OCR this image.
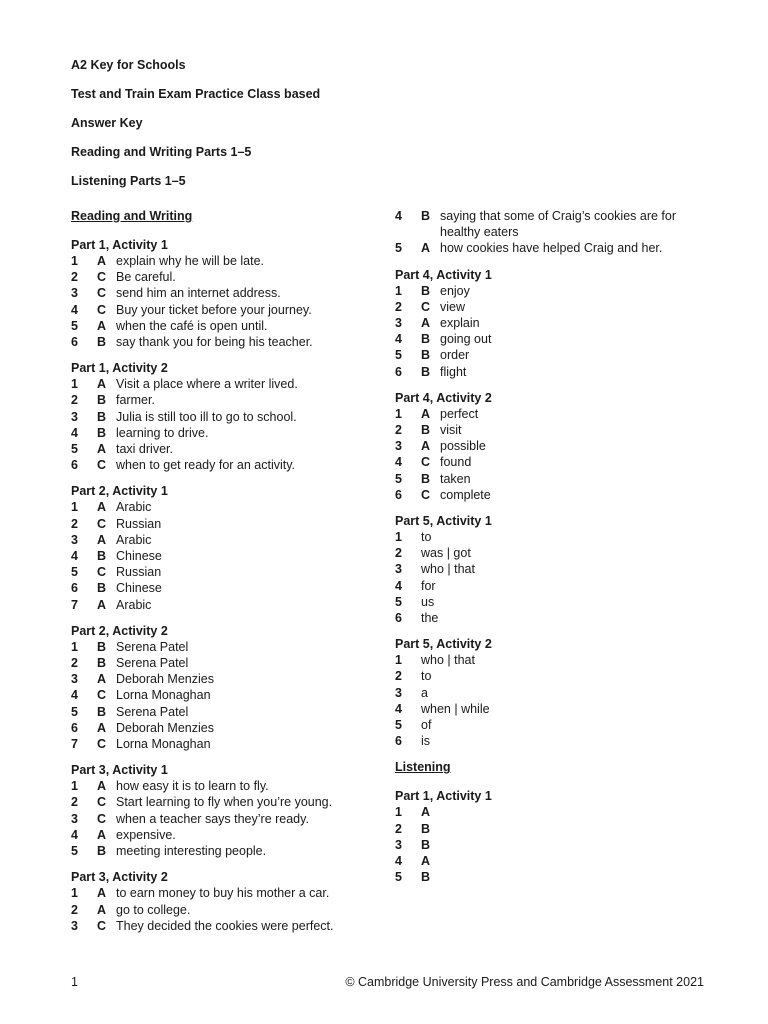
A2 Key for Schools
Test and Train Exam Practice Class based
Answer Key
Reading and Writing Parts 1–5
Listening Parts 1–5
Reading and Writing
Part 1, Activity 1
1	A explain why he will be late.
2	C Be careful.
3	C send him an internet address.
4	C Buy your ticket before your journey.
5	A when the café is open until.
6	B say thank you for being his teacher.
Part 1, Activity 2
1	A Visit a place where a writer lived.
2	B farmer.
3	B Julia is still too ill to go to school.
4	B learning to drive.
5	A taxi driver.
6	C when to get ready for an activity.
Part 2, Activity 1
1	A Arabic
2	C Russian
3	A Arabic
4	B Chinese
5	C Russian
6	B Chinese
7	A Arabic
Part 2, Activity 2
1	B Serena Patel
2	B Serena Patel
3	A Deborah Menzies
4	C Lorna Monaghan
5	B Serena Patel
6	A Deborah Menzies
7	C Lorna Monaghan
Part 3, Activity 1
1	A how easy it is to learn to fly.
2	C Start learning to fly when you’re young.
3	C when a teacher says they’re ready.
4	A expensive.
5	B meeting interesting people.
Part 3, Activity 2
1	A to earn money to buy his mother a car.
2	A go to college.
3	C They decided the cookies were perfect.
4	B saying that some of Craig’s cookies are for healthy eaters
5	A how cookies have helped Craig and her.
Part 4, Activity 1
1	B enjoy
2	C view
3	A explain
4	B going out
5	B order
6	B flight
Part 4, Activity 2
1	A perfect
2	B visit
3	A possible
4	C found
5	B taken
6	C complete
Part 5, Activity 1
1	to
2	was | got
3	who | that
4	for
5	us
6	the
Part 5, Activity 2
1	who | that
2	to
3	a
4	when | while
5	of
6	is
Listening
Part 1, Activity 1
1	A
2	B
3	B
4	A
5	B
1	© Cambridge University Press and Cambridge Assessment 2021
